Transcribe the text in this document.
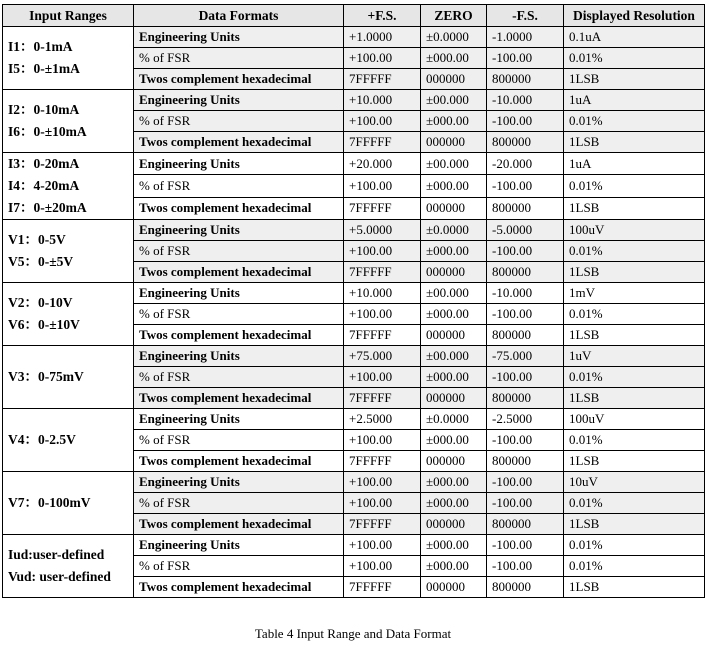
Input Ranges	Data Formats	+F.S.	ZERO	-F.S.	Displayed Resolution

I1：0-1mA
I5：0-±1mA	Engineering Units	+1.0000	±0.0000	-1.0000	0.1uA
	% of FSR	+100.00	±000.00	-100.00	0.01%
	Twos complement hexadecimal	7FFFFF	000000	800000	1LSB

I2：0-10mA
I6：0-±10mA	Engineering Units	+10.000	±00.000	-10.000	1uA
	% of FSR	+100.00	±000.00	-100.00	0.01%
	Twos complement hexadecimal	7FFFFF	000000	800000	1LSB

I3：0-20mA
I4：4-20mA
I7：0-±20mA	Engineering Units	+20.000	±00.000	-20.000	1uA
	% of FSR	+100.00	±000.00	-100.00	0.01%
	Twos complement hexadecimal	7FFFFF	000000	800000	1LSB

V1：0-5V
V5：0-±5V	Engineering Units	+5.0000	±0.0000	-5.0000	100uV
	% of FSR	+100.00	±000.00	-100.00	0.01%
	Twos complement hexadecimal	7FFFFF	000000	800000	1LSB

V2：0-10V
V6：0-±10V	Engineering Units	+10.000	±00.000	-10.000	1mV
	% of FSR	+100.00	±000.00	-100.00	0.01%
	Twos complement hexadecimal	7FFFFF	000000	800000	1LSB

V3：0-75mV	Engineering Units	+75.000	±00.000	-75.000	1uV
	% of FSR	+100.00	±000.00	-100.00	0.01%
	Twos complement hexadecimal	7FFFFF	000000	800000	1LSB

V4：0-2.5V	Engineering Units	+2.5000	±0.0000	-2.5000	100uV
	% of FSR	+100.00	±000.00	-100.00	0.01%
	Twos complement hexadecimal	7FFFFF	000000	800000	1LSB

V7：0-100mV	Engineering Units	+100.00	±000.00	-100.00	10uV
	% of FSR	+100.00	±000.00	-100.00	0.01%
	Twos complement hexadecimal	7FFFFF	000000	800000	1LSB

Iud:user-defined
Vud: user-defined	Engineering Units	+100.00	±000.00	-100.00	0.01%
	% of FSR	+100.00	±000.00	-100.00	0.01%
	Twos complement hexadecimal	7FFFFF	000000	800000	1LSB
Table 4 Input Range and Data Format
